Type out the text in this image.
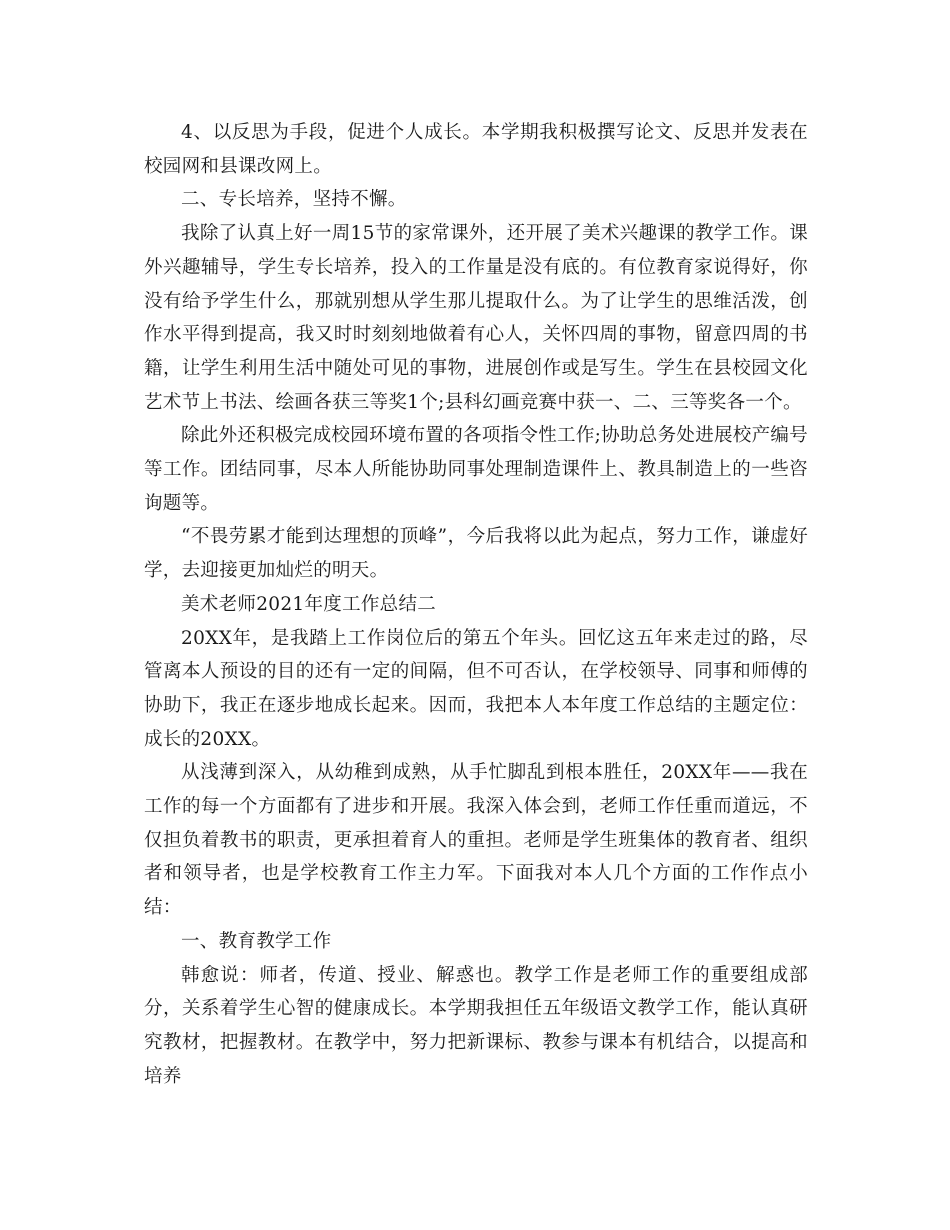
4、以反思为手段，促进个人成长。本学期我积极撰写论文、反思并发表在校园网和县课改网上。

二、专长培养，坚持不懈。

我除了认真上好一周15节的家常课外，还开展了美术兴趣课的教学工作。课外兴趣辅导，学生专长培养，投入的工作量是没有底的。有位教育家说得好，你没有给予学生什么，那就别想从学生那儿提取什么。为了让学生的思维活泼，创作水平得到提高，我又时时刻刻地做着有心人，关怀四周的事物，留意四周的书籍，让学生利用生活中随处可见的事物，进展创作或是写生。学生在县校园文化艺术节上书法、绘画各获三等奖1个;县科幻画竞赛中获一、二、三等奖各一个。

除此外还积极完成校园环境布置的各项指令性工作;协助总务处进展校产编号等工作。团结同事，尽本人所能协助同事处理制造课件上、教具制造上的一些咨询题等。

“不畏劳累才能到达理想的顶峰”，今后我将以此为起点，努力工作，谦虚好学，去迎接更加灿烂的明天。

美术老师2021年度工作总结二

20XX年，是我踏上工作岗位后的第五个年头。回忆这五年来走过的路，尽管离本人预设的目的还有一定的间隔，但不可否认，在学校领导、同事和师傅的协助下，我正在逐步地成长起来。因而，我把本人本年度工作总结的主题定位：成长的20XX。

从浅薄到深入，从幼稚到成熟，从手忙脚乱到根本胜任，20XX年——我在工作的每一个方面都有了进步和开展。我深入体会到，老师工作任重而道远，不仅担负着教书的职责，更承担着育人的重担。老师是学生班集体的教育者、组织者和领导者，也是学校教育工作主力军。下面我对本人几个方面的工作作点小结：

一、教育教学工作

韩愈说：师者，传道、授业、解惑也。教学工作是老师工作的重要组成部分，关系着学生心智的健康成长。本学期我担任五年级语文教学工作，能认真研究教材，把握教材。在教学中，努力把新课标、教参与课本有机结合，以提高和培养
